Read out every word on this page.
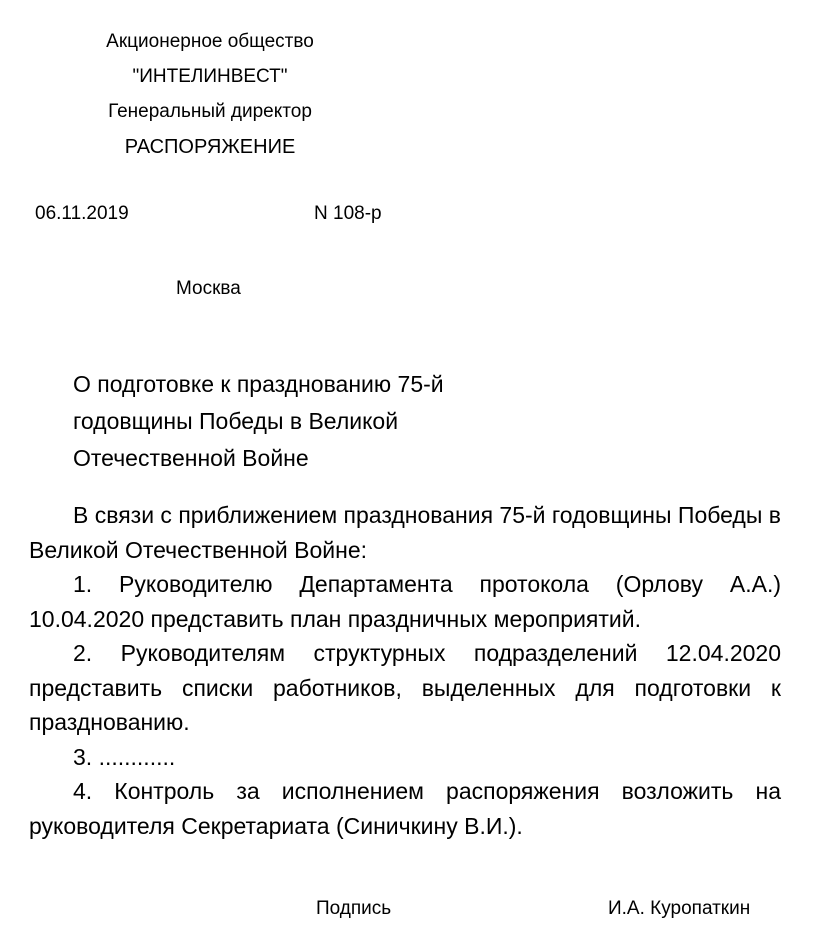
Акционерное общество
"ИНТЕЛИНВЕСТ"
Генеральный директор
РАСПОРЯЖЕНИЕ
06.11.2019	N 108-р
Москва
О подготовке к празднованию 75-й
годовщины Победы в Великой
Отечественной Войне

В связи с приближением празднования 75-й годовщины Победы в Великой Отечественной Войне:

1. Руководителю Департамента протокола (Орлову А.А.) 10.04.2020 представить план праздничных мероприятий.

2. Руководителям структурных подразделений 12.04.2020 представить списки работников, выделенных для подготовки к празднованию.

3. ............

4. Контроль за исполнением распоряжения возложить на руководителя Секретариата (Синичкину В.И.).

Подпись	И.А. Куропаткин
